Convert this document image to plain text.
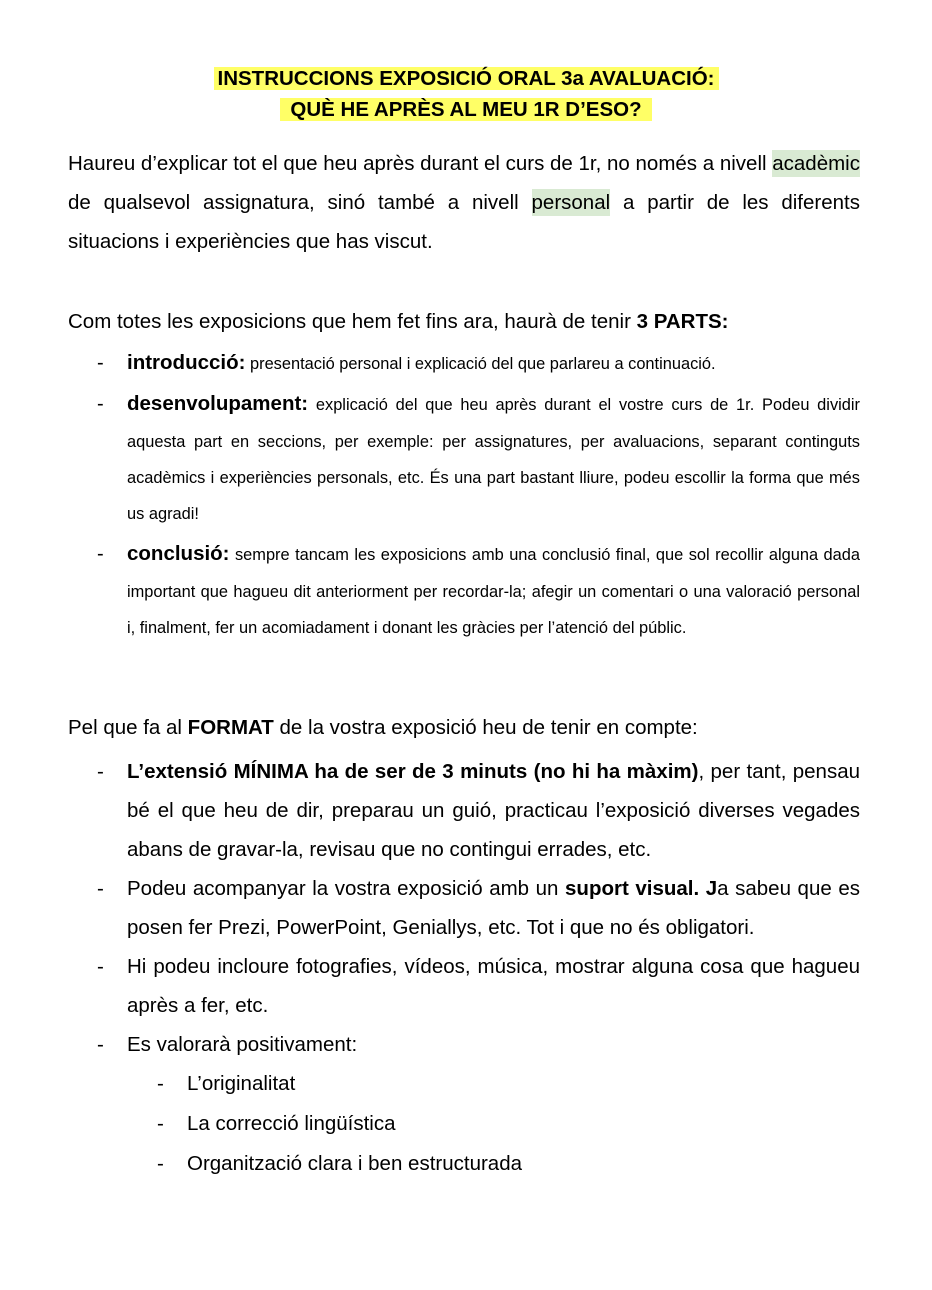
INSTRUCCIONS EXPOSICIÓ ORAL 3a AVALUACIÓ:
QUÈ HE APRÈS AL MEU 1R D’ESO?
Haureu d’explicar tot el que heu après durant el curs de 1r, no només a nivell acadèmic de qualsevol assignatura, sinó també a nivell personal a partir de les diferents situacions i experiències que has viscut.
Com totes les exposicions que hem fet fins ara, haurà de tenir 3 PARTS:
- introducció: presentació personal i explicació del que parlareu a continuació.
- desenvolupament: explicació del que heu après durant el vostre curs de 1r. Podeu dividir aquesta part en seccions, per exemple: per assignatures, per avaluacions, separant continguts acadèmics i experiències personals, etc. És una part bastant lliure, podeu escollir la forma que més us agradi!
- conclusió: sempre tancam les exposicions amb una conclusió final, que sol recollir alguna dada important que hagueu dit anteriorment per recordar-la; afegir un comentari o una valoració personal i, finalment, fer un acomiadament i donant les gràcies per l’atenció del públic.
Pel que fa al FORMAT de la vostra exposició heu de tenir en compte:
- L’extensió MÍNIMA ha de ser de 3 minuts (no hi ha màxim), per tant, pensau bé el que heu de dir, preparau un guió, practicau l’exposició diverses vegades abans de gravar-la, revisau que no contingui errades, etc.
- Podeu acompanyar la vostra exposició amb un suport visual. Ja sabeu que es posen fer Prezi, PowerPoint, Geniallys, etc. Tot i que no és obligatori.
- Hi podeu incloure fotografies, vídeos, música, mostrar alguna cosa que hagueu après a fer, etc.
- Es valorarà positivament:
- L’originalitat
- La correcció lingüística
- Organització clara i ben estructurada
